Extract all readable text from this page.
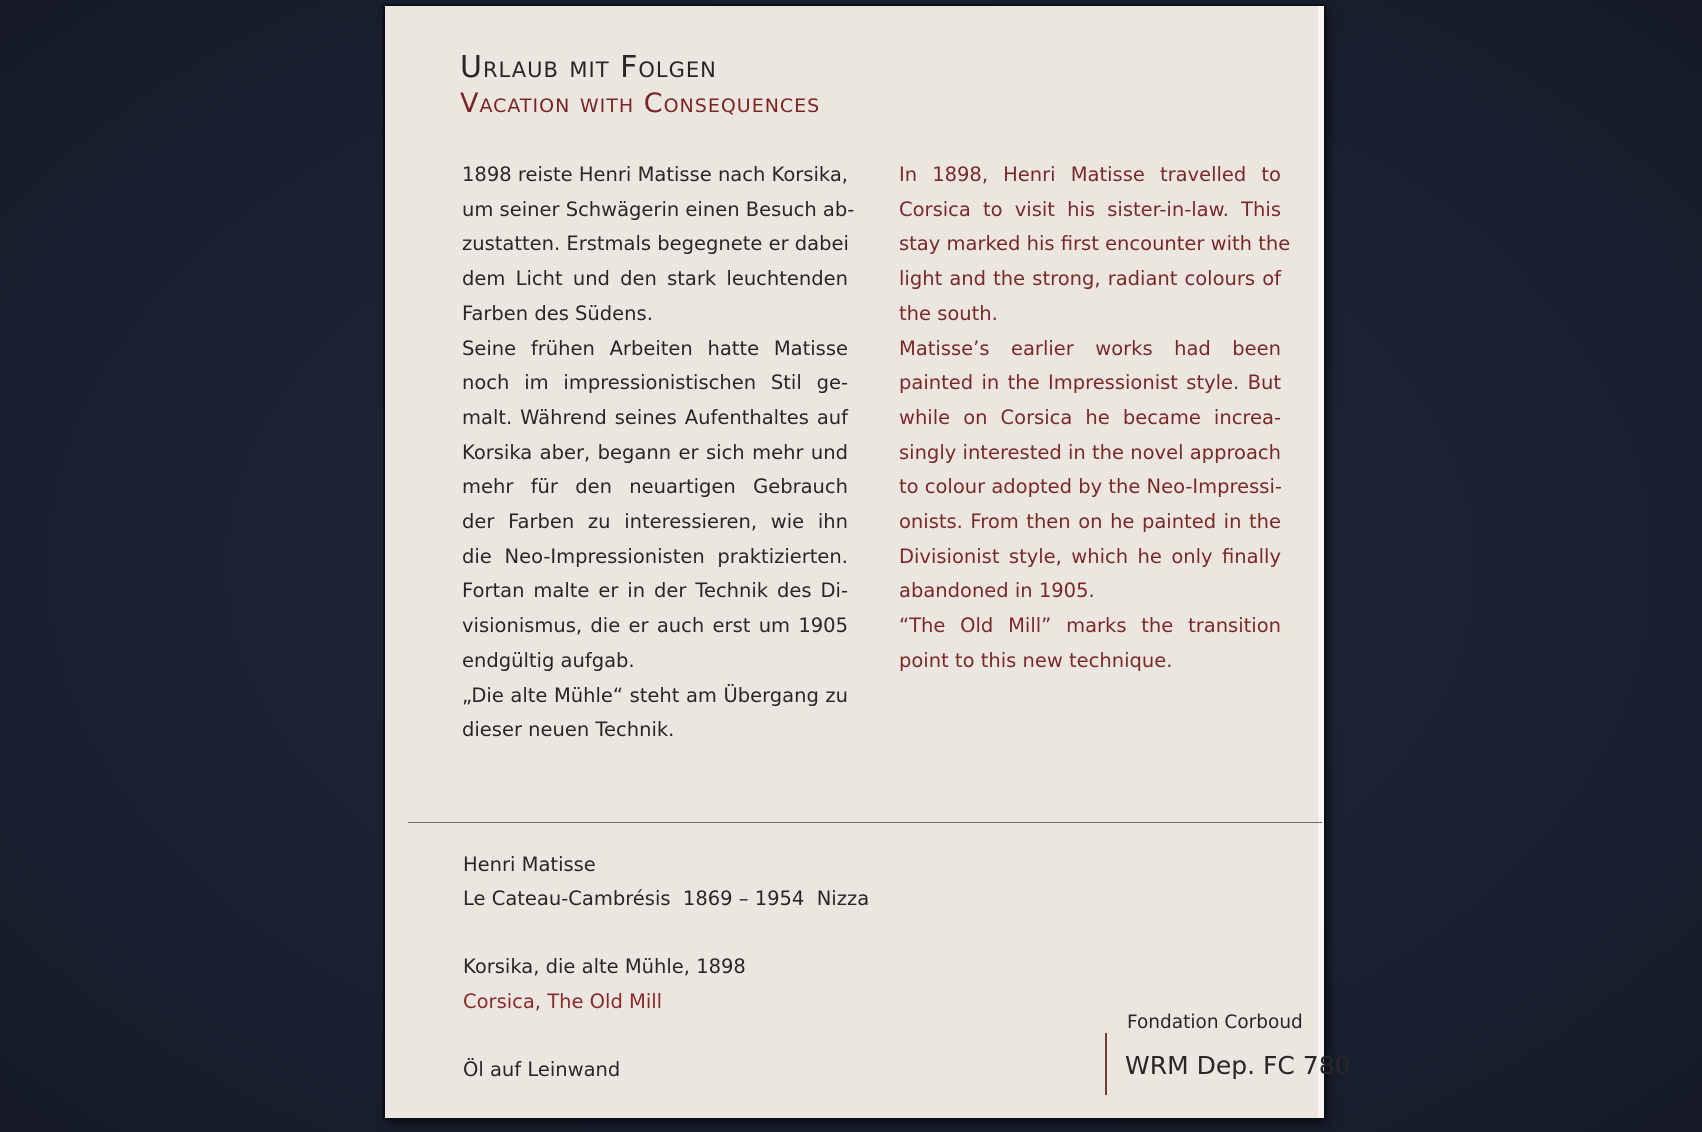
Urlaub mit Folgen
Vacation with Consequences
1898 reiste Henri Matisse nach Korsika,
um seiner Schwägerin einen Besuch ab-
zustatten. Erstmals begegnete er dabei
dem Licht und den stark leuchtenden
Farben des Südens.
Seine frühen Arbeiten hatte Matisse
noch im impressionistischen Stil ge-
malt. Während seines Aufenthaltes auf
Korsika aber, begann er sich mehr und
mehr für den neuartigen Gebrauch
der Farben zu interessieren, wie ihn
die Neo-Impressionisten praktizierten.
Fortan malte er in der Technik des Di-
visionismus, die er auch erst um 1905
endgültig aufgab.
„Die alte Mühle“ steht am Übergang zu
dieser neuen Technik.
In 1898, Henri Matisse travelled to
Corsica to visit his sister-in-law. This
stay marked his first encounter with the
light and the strong, radiant colours of
the south.
Matisse’s earlier works had been
painted in the Impressionist style. But
while on Corsica he became increa-
singly interested in the novel approach
to colour adopted by the Neo-Impressi-
onists. From then on he painted in the
Divisionist style, which he only finally
abandoned in 1905.
“The Old Mill” marks the transition
point to this new technique.
Henri Matisse
Le Cateau-Cambrésis  1869 – 1954  Nizza
Korsika, die alte Mühle, 1898
Corsica, The Old Mill
Öl auf Leinwand
Fondation Corboud
WRM Dep. FC 780
